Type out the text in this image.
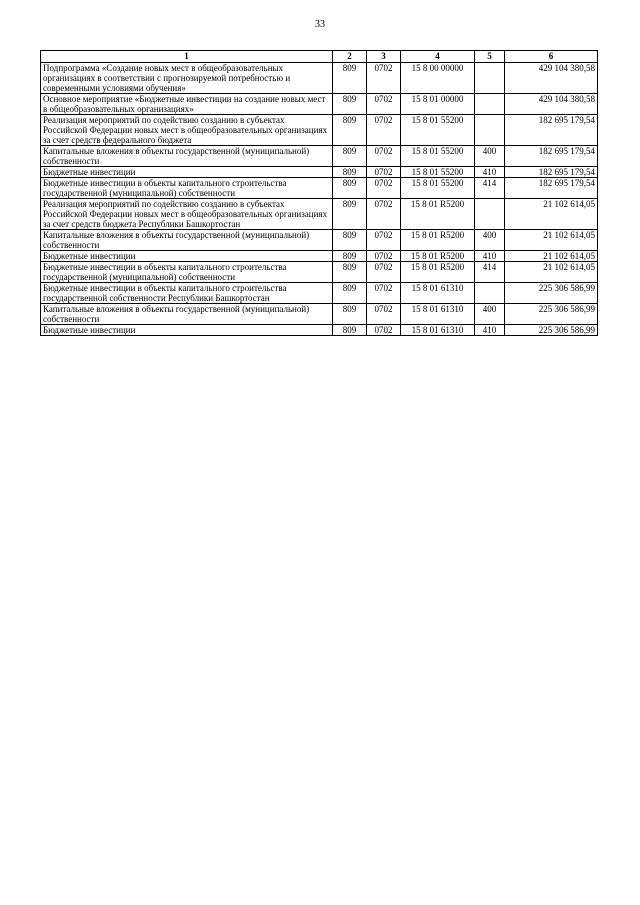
33
1	2	3	4	5	6
Подпрограмма «Создание новых мест в общеобразовательных организациях в соответствии с прогнозируемой потребностью и современными условиями обучения»	809	0702	15 8 00 00000		429 104 380,58
Основное мероприятие «Бюджетные инвестиции на создание новых мест в общеобразовательных организациях»	809	0702	15 8 01 00000		429 104 380,58
Реализация мероприятий по содействию созданию в субъектах Российской Федерации новых мест в общеобразовательных организациях за счет средств федерального бюджета	809	0702	15 8 01 55200		182 695 179,54
Капитальные вложения в объекты государственной (муниципальной) собственности	809	0702	15 8 01 55200	400	182 695 179,54
Бюджетные инвестиции	809	0702	15 8 01 55200	410	182 695 179,54
Бюджетные инвестиции в объекты капитального строительства государственной (муниципальной) собственности	809	0702	15 8 01 55200	414	182 695 179,54
Реализация мероприятий по содействию созданию в субъектах Российской Федерации новых мест в общеобразовательных организациях за счет средств бюджета Республики Башкортостан	809	0702	15 8 01 R5200		21 102 614,05
Капитальные вложения в объекты государственной (муниципальной) собственности	809	0702	15 8 01 R5200	400	21 102 614,05
Бюджетные инвестиции	809	0702	15 8 01 R5200	410	21 102 614,05
Бюджетные инвестиции в объекты капитального строительства государственной (муниципальной) собственности	809	0702	15 8 01 R5200	414	21 102 614,05
Бюджетные инвестиции в объекты капитального строительства государственной собственности Республики Башкортостан	809	0702	15 8 01 61310		225 306 586,99
Капитальные вложения в объекты государственной (муниципальной) собственности	809	0702	15 8 01 61310	400	225 306 586,99
Бюджетные инвестиции	809	0702	15 8 01 61310	410	225 306 586,99
